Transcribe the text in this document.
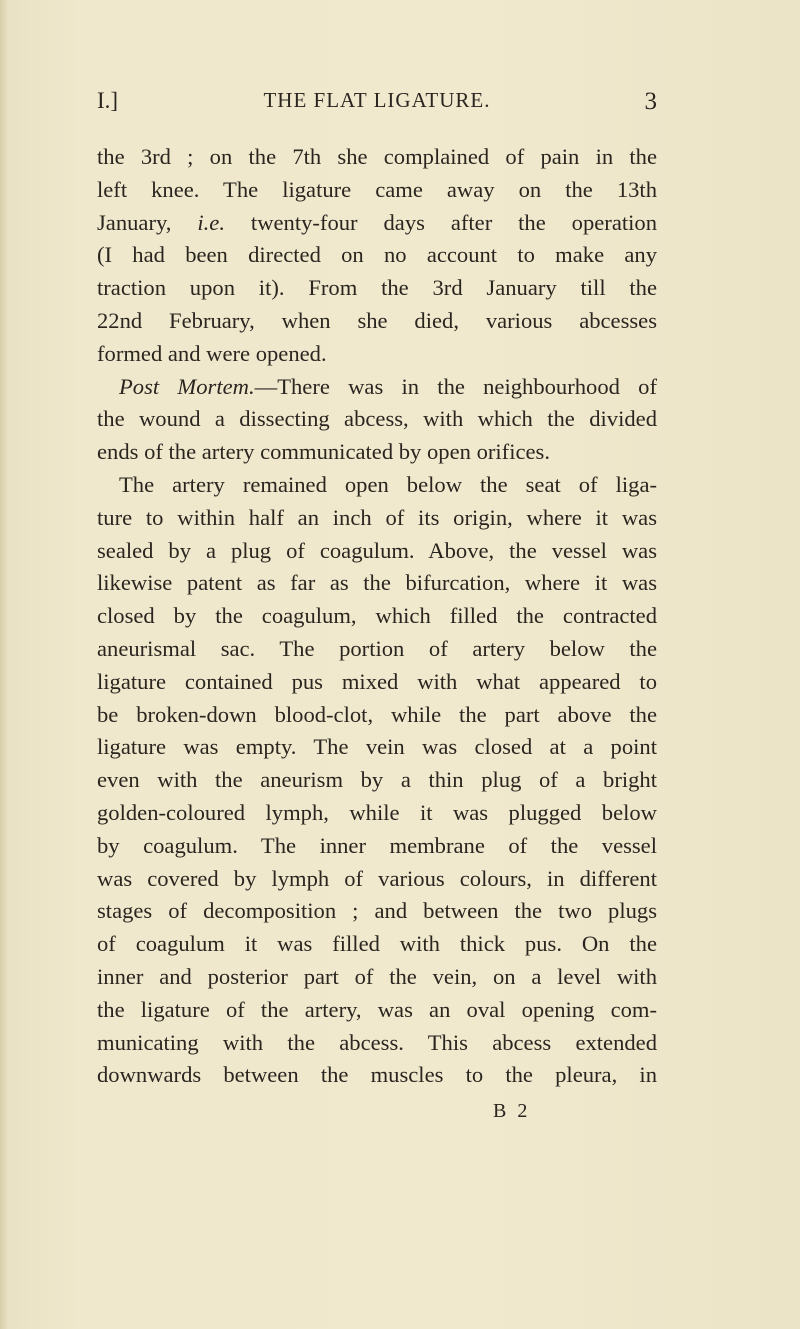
I.]	THE FLAT LIGATURE.	3
the 3rd ; on the 7th she complained of pain in the
left knee. The ligature came away on the 13th
January, i.e. twenty-four days after the operation
(I had been directed on no account to make any
traction upon it). From the 3rd January till the
22nd February, when she died, various abcesses
formed and were opened.
Post Mortem.—There was in the neighbourhood of
the wound a dissecting abcess, with which the divided
ends of the artery communicated by open orifices.
The artery remained open below the seat of liga-
ture to within half an inch of its origin, where it was
sealed by a plug of coagulum. Above, the vessel was
likewise patent as far as the bifurcation, where it was
closed by the coagulum, which filled the contracted
aneurismal sac. The portion of artery below the
ligature contained pus mixed with what appeared to
be broken-down blood-clot, while the part above the
ligature was empty. The vein was closed at a point
even with the aneurism by a thin plug of a bright
golden-coloured lymph, while it was plugged below
by coagulum. The inner membrane of the vessel
was covered by lymph of various colours, in different
stages of decomposition ; and between the two plugs
of coagulum it was filled with thick pus. On the
inner and posterior part of the vein, on a level with
the ligature of the artery, was an oval opening com-
municating with the abcess. This abcess extended
downwards between the muscles to the pleura, in
B 2
